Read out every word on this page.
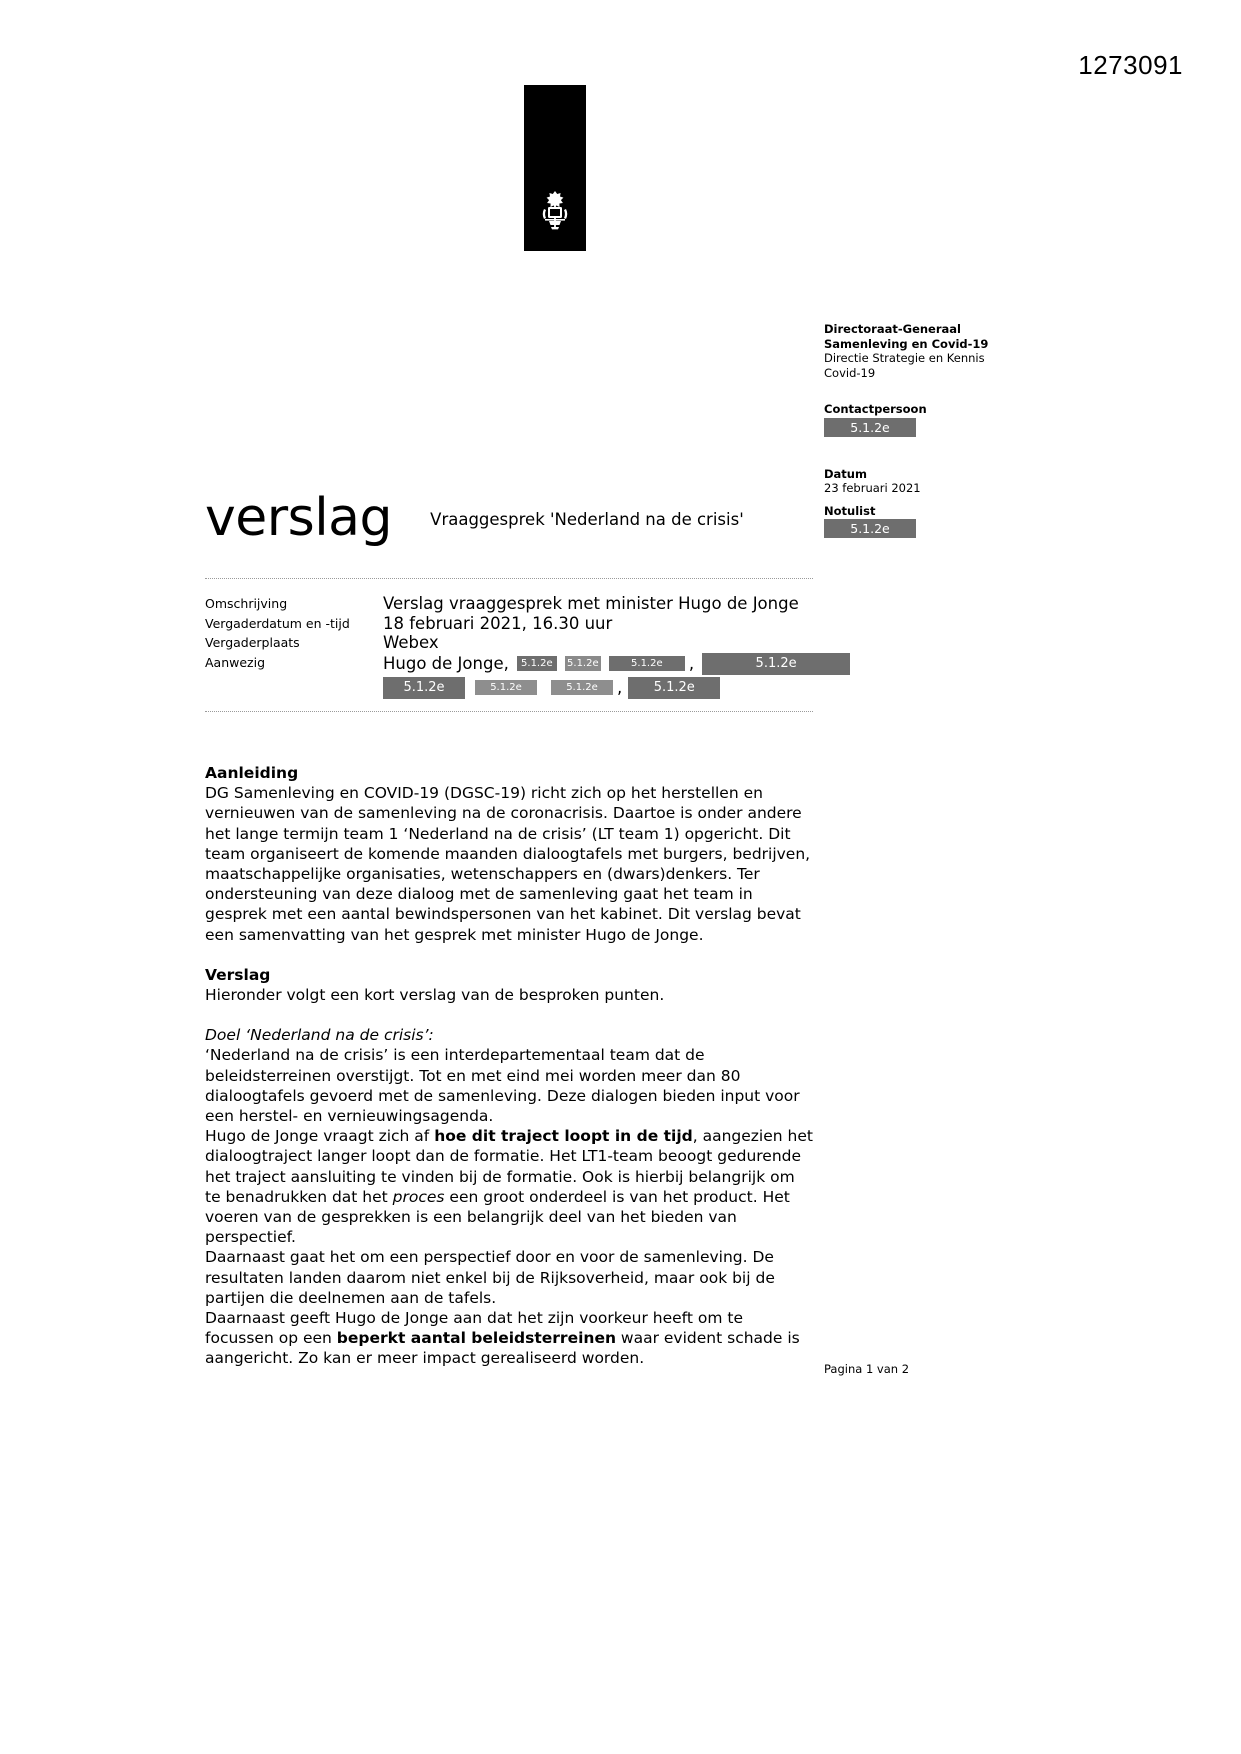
1273091
Directoraat-Generaal
Samenleving en Covid-19
Directie Strategie en Kennis
Covid-19
Contactpersoon
5.1.2e
Datum
23 februari 2021
Notulist
5.1.2e
verslag Vraaggesprek 'Nederland na de crisis'
Omschrijving	Verslag vraaggesprek met minister Hugo de Jonge
Vergaderdatum en -tijd	18 februari 2021, 16.30 uur
Vergaderplaats	Webex
Aanwezig	Hugo de Jonge,	5.1.2e	5.1.2e	5.1.2e	,	5.1.2e
5.1.2e	5.1.2e	5.1.2e	,	5.1.2e
Aanleiding

DG Samenleving en COVID-19 (DGSC-19) richt zich op het herstellen en vernieuwen van de samenleving na de coronacrisis. Daartoe is onder andere het lange termijn team 1 ‘Nederland na de crisis’ (LT team 1) opgericht. Dit team organiseert de komende maanden dialoogtafels met burgers, bedrijven, maatschappelijke organisaties, wetenschappers en (dwars)denkers. Ter ondersteuning van deze dialoog met de samenleving gaat het team in gesprek met een aantal bewindspersonen van het kabinet. Dit verslag bevat een samenvatting van het gesprek met minister Hugo de Jonge.

Verslag

Hieronder volgt een kort verslag van de besproken punten.

Doel ‘Nederland na de crisis’:

‘Nederland na de crisis’ is een interdepartementaal team dat de beleidsterreinen overstijgt. Tot en met eind mei worden meer dan 80 dialoogtafels gevoerd met de samenleving. Deze dialogen bieden input voor een herstel- en vernieuwingsagenda.

Hugo de Jonge vraagt zich af hoe dit traject loopt in de tijd, aangezien het dialoogtraject langer loopt dan de formatie. Het LT1-team beoogt gedurende het traject aansluiting te vinden bij de formatie. Ook is hierbij belangrijk om te benadrukken dat het proces een groot onderdeel is van het product. Het voeren van de gesprekken is een belangrijk deel van het bieden van perspectief.

Daarnaast gaat het om een perspectief door en voor de samenleving. De resultaten landen daarom niet enkel bij de Rijksoverheid, maar ook bij de partijen die deelnemen aan de tafels.

Daarnaast geeft Hugo de Jonge aan dat het zijn voorkeur heeft om te focussen op een beperkt aantal beleidsterreinen waar evident schade is aangericht. Zo kan er meer impact gerealiseerd worden.

Pagina 1 van 2
